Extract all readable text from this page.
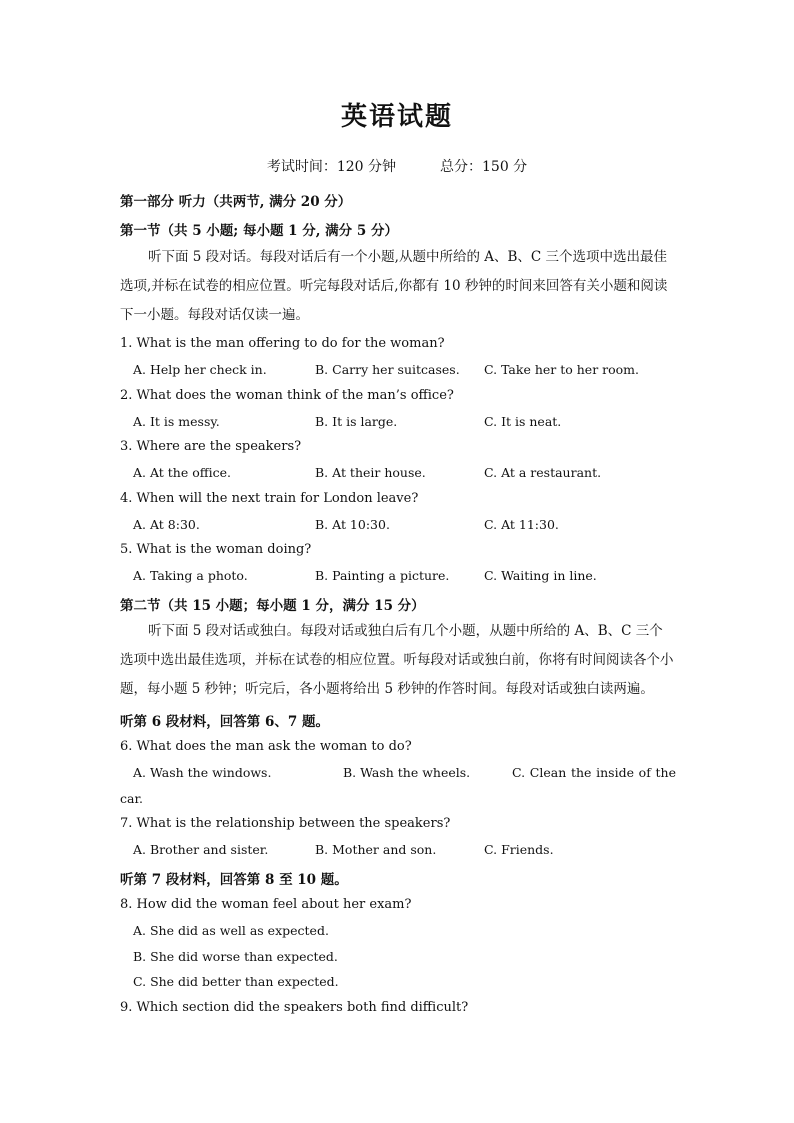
英语试题
考试时间：120 分钟	总分：150 分
第一部分 听力（共两节, 满分 20 分）
第一节（共 5 小题; 每小题 1 分, 满分 5 分）
听下面 5 段对话。每段对话后有一个小题,从题中所给的 A、B、C 三个选项中选出最佳选项,并标在试卷的相应位置。听完每段对话后,你都有 10 秒钟的时间来回答有关小题和阅读下一小题。每段对话仅读一遍。
1. What is the man offering to do for the woman?
A. Help her check in.	B. Carry her suitcases. C. Take her to her room.
2. What does the woman think of the man’s office?
A. It is messy.	B. It is large.	C. It is neat.
3. Where are the speakers?
A. At the office.	B. At their house.	C. At a restaurant.
4. When will the next train for London leave?
A. At 8:30.	B. At 10:30.	C. At 11:30.
5. What is the woman doing?
A. Taking a photo.	B. Painting a picture.	C. Waiting in line.
第二节（共 15 小题；每小题 1 分，满分 15 分）
听下面 5 段对话或独白。每段对话或独白后有几个小题，从题中所给的 A、B、C 三个选项中选出最佳选项，并标在试卷的相应位置。听每段对话或独白前，你将有时间阅读各个小题，每小题 5 秒钟；听完后，各小题将给出 5 秒钟的作答时间。每段对话或独白读两遍。
听第 6 段材料，回答第 6、7 题。
6. What does the man ask the woman to do?
A. Wash the windows.	B. Wash the wheels.	C. Clean the inside of the
car.
7. What is the relationship between the speakers?
A. Brother and sister.	B. Mother and son.	C. Friends.
听第 7 段材料，回答第 8 至 10 题。
8. How did the woman feel about her exam?
A. She did as well as expected.
B. She did worse than expected.
C. She did better than expected.
9. Which section did the speakers both find difficult?
